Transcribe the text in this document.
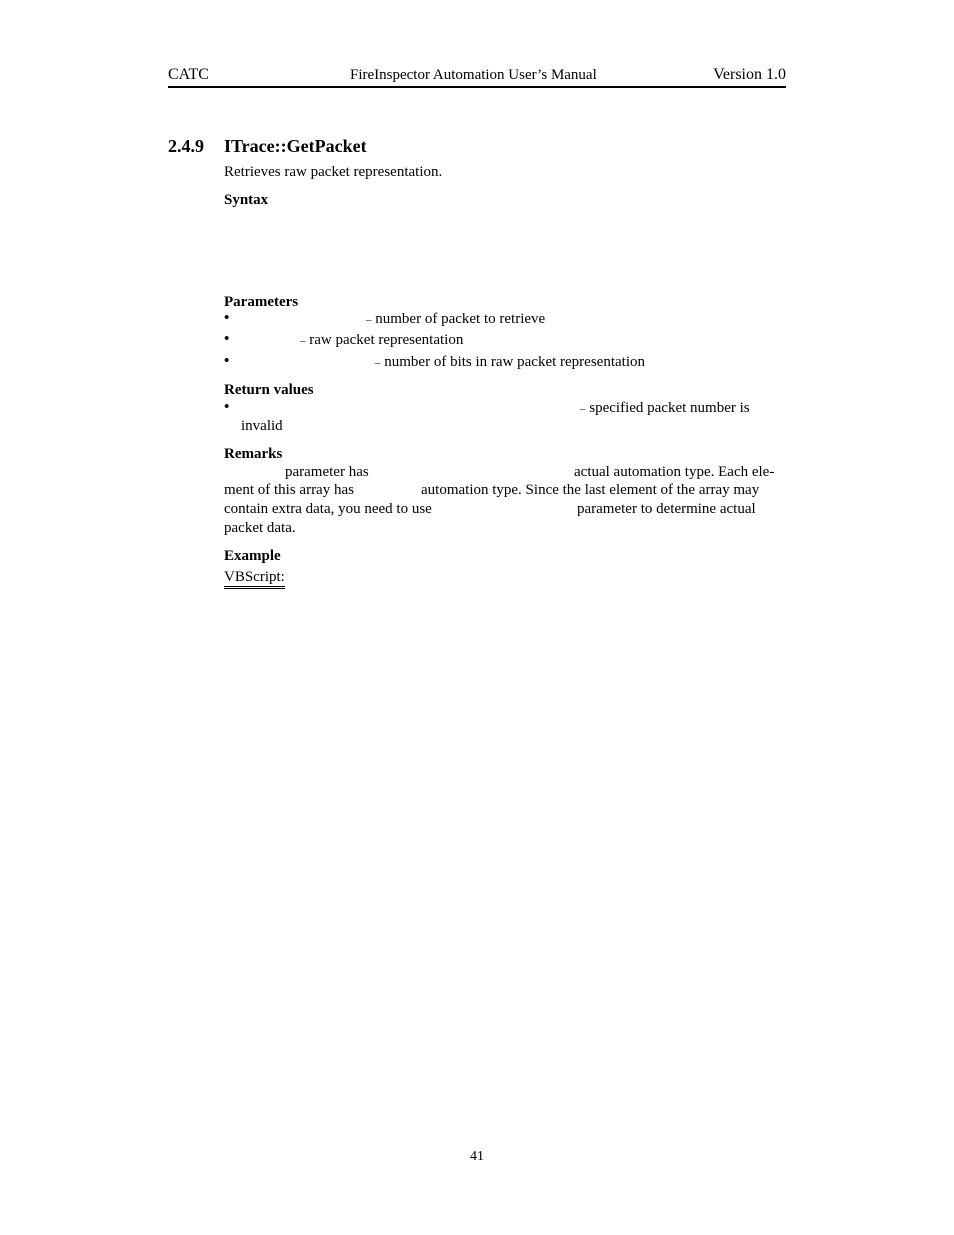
CATC	FireInspector Automation User’s Manual	Version 1.0
2.4.9 ITrace::GetPacket
Retrieves raw packet representation.
Syntax
Parameters
•	– number of packet to retrieve
•	– raw packet representation
•	– number of bits in raw packet representation
Return values
•	– specified packet number is
invalid
Remarks
parameter has	actual automation type. Each ele-
ment of this array has	automation type. Since the last element of the array may
contain extra data, you need to use	parameter to determine actual
packet data.
Example
VBScript:
41
